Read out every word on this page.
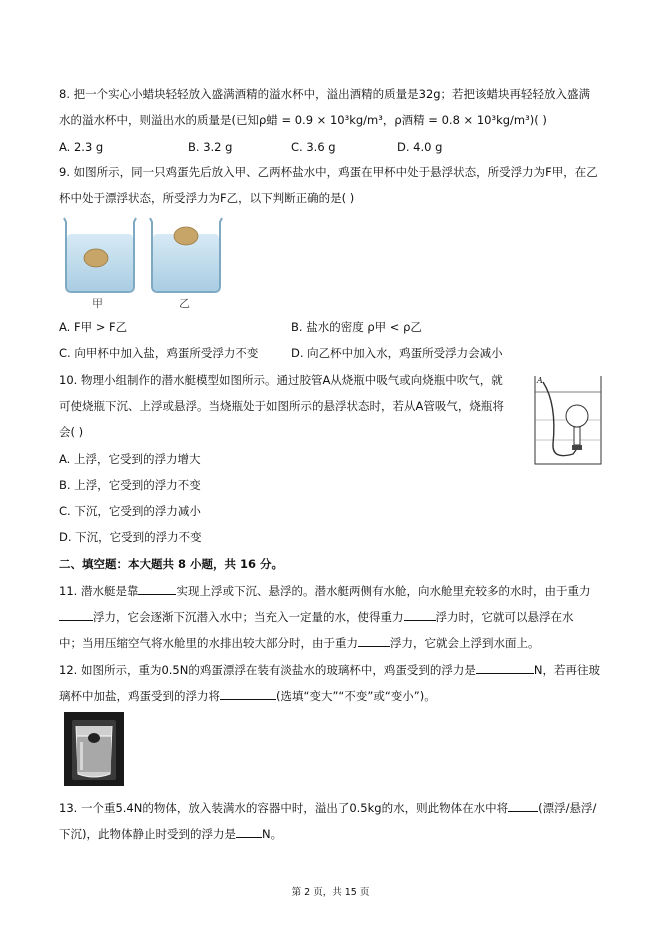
8. 把一个实心小蜡块轻轻放入盛满酒精的溢水杯中，溢出酒精的质量是32g；若把该蜡块再轻轻放入盛满
水的溢水杯中，则溢出水的质量是(已知ρ蜡 = 0.9 × 10³kg/m³，ρ酒精 = 0.8 × 10³kg/m³)( )
A. 2.3 g	B. 3.2 g	C. 3.6 g	D. 4.0 g
9. 如图所示，同一只鸡蛋先后放入甲、乙两杯盐水中，鸡蛋在甲杯中处于悬浮状态，所受浮力为F甲，在乙
杯中处于漂浮状态，所受浮力为F乙，以下判断正确的是( )
甲	乙
A. F甲 > F乙	B. 盐水的密度 ρ甲 < ρ乙
C. 向甲杯中加入盐，鸡蛋所受浮力不变	D. 向乙杯中加入水，鸡蛋所受浮力会减小
10. 物理小组制作的潜水艇模型如图所示。通过胶管A从烧瓶中吸气或向烧瓶中吹气，就
可使烧瓶下沉、上浮或悬浮。当烧瓶处于如图所示的悬浮状态时，若从A管吸气，烧瓶将
会( )
A
A. 上浮，它受到的浮力增大
B. 上浮，它受到的浮力不变
C. 下沉，它受到的浮力减小
D. 下沉，它受到的浮力不变
二、填空题：本大题共 8 小题，共 16 分。
11. 潜水艇是靠	实现上浮或下沉、悬浮的。潜水艇两侧有水舱，向水舱里充较多的水时，由于重力
浮力，它会逐渐下沉潜入水中；当充入一定量的水，使得重力	浮力时，它就可以悬浮在水
中；当用压缩空气将水舱里的水排出较大部分时，由于重力	浮力，它就会上浮到水面上。
12. 如图所示，重为0.5N的鸡蛋漂浮在装有淡盐水的玻璃杯中，鸡蛋受到的浮力是	N，若再往玻
璃杯中加盐，鸡蛋受到的浮力将	(选填“变大”“不变”或“变小”)。
13. 一个重5.4N的物体，放入装满水的容器中时，溢出了0.5kg的水，则此物体在水中将	(漂浮/悬浮/
下沉)，此物体静止时受到的浮力是 N。
第 2 页，共 15 页
